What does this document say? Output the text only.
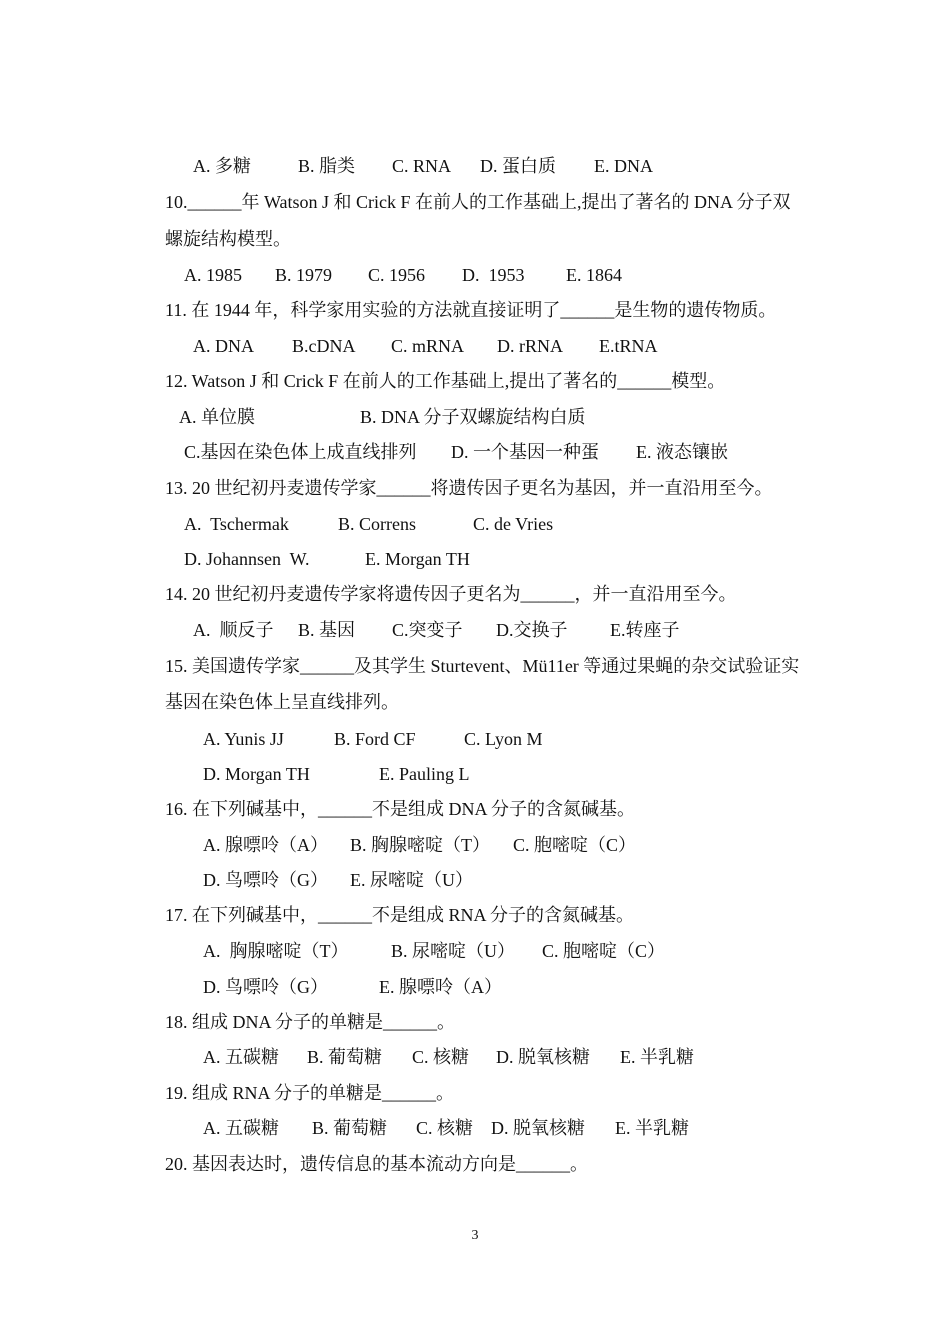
A. 多糖	B. 脂类 C. RNA D. 蛋白质 E. DNA
10.______年 Watson J 和 Crick F 在前人的工作基础上,提出了著名的 DNA 分子双
螺旋结构模型。
A. 1985 B. 1979 C. 1956 D.  1953 E. 1864
11. 在 1944 年，科学家用实验的方法就直接证明了______是生物的遗传物质。
A. DNA B.cDNA C. mRNA D. rRNA E.tRNA
12. Watson J 和 Crick F 在前人的工作基础上,提出了著名的______模型。
A. 单位膜	B. DNA 分子双螺旋结构白质
C.基因在染色体上成直线排列 D. 一个基因一种蛋 E. 液态镶嵌
13. 20 世纪初丹麦遗传学家______将遗传因子更名为基因，并一直沿用至今。
A.  Tschermak	B. Correns	C. de Vries
D. Johannsen  W.	E. Morgan TH
14. 20 世纪初丹麦遗传学家将遗传因子更名为______，并一直沿用至今。
A.  顺反子 B. 基因 C.突变子 D.交换子 E.转座子
15. 美国遗传学家______及其学生 Sturtevent、Mü11er 等通过果蝇的杂交试验证实
基因在染色体上呈直线排列。
A. Yunis JJ	B. Ford CF	C. Lyon M
D. Morgan TH	E. Pauling L
16. 在下列碱基中，______不是组成 DNA 分子的含氮碱基。
A. 腺嘌呤（A） B. 胸腺嘧啶（T） C. 胞嘧啶（C）
D. 鸟嘌呤（G） E. 尿嘧啶（U）
17. 在下列碱基中，______不是组成 RNA 分子的含氮碱基。
A.  胸腺嘧啶（T） B. 尿嘧啶（U） C. 胞嘧啶（C）
D. 鸟嘌呤（G）	E. 腺嘌呤（A）
18. 组成 DNA 分子的单糖是______。
A. 五碳糖 B. 葡萄糖 C. 核糖 D. 脱氧核糖 E. 半乳糖
19. 组成 RNA 分子的单糖是______。
A. 五碳糖 B. 葡萄糖 C. 核糖 D. 脱氧核糖 E. 半乳糖
20. 基因表达时，遗传信息的基本流动方向是______。
3
